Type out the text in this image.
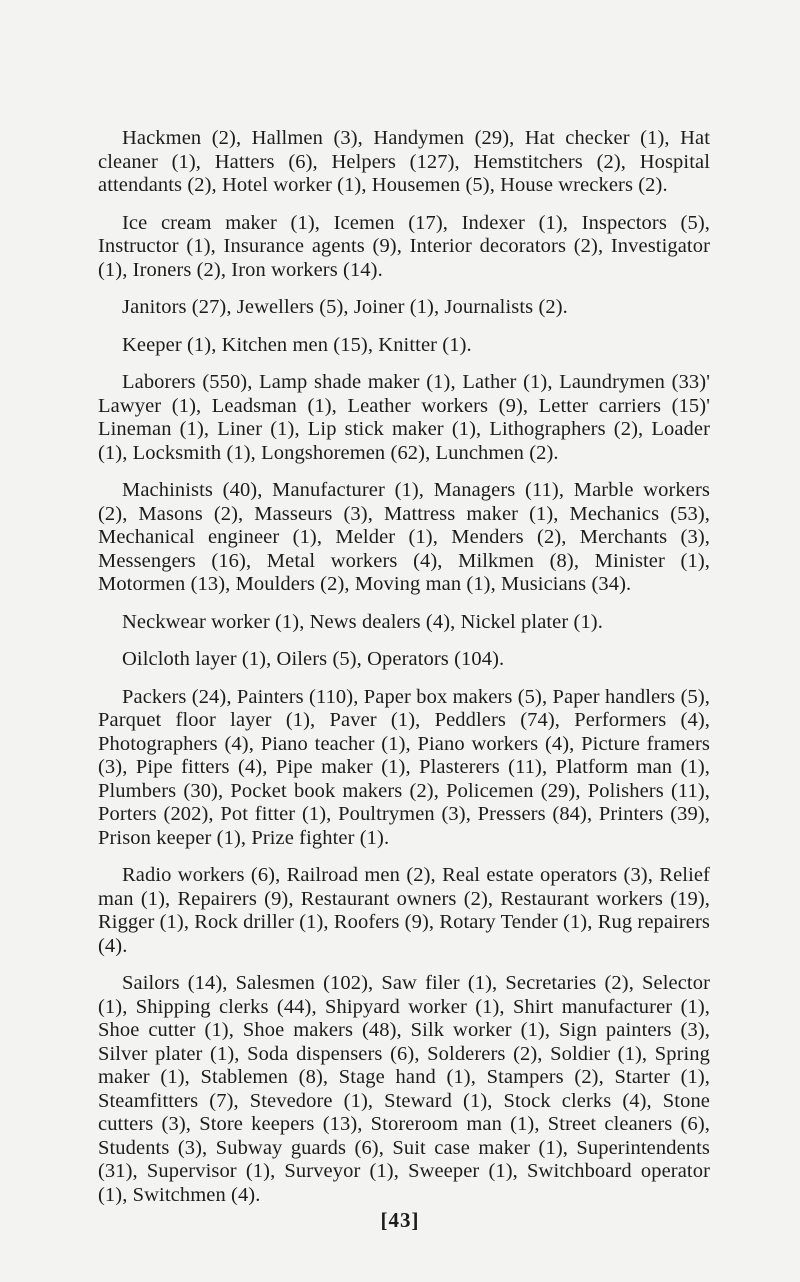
Hackmen (2), Hallmen (3), Handymen (29), Hat checker (1), Hat cleaner (1), Hatters (6), Helpers (127), Hemstitchers (2), Hospital attendants (2), Hotel worker (1), Housemen (5), House wreckers (2).

Ice cream maker (1), Icemen (17), Indexer (1), Inspectors (5), Instructor (1), Insurance agents (9), Interior decorators (2), Investigator (1), Ironers (2), Iron workers (14).

Janitors (27), Jewellers (5), Joiner (1), Journalists (2).

Keeper (1), Kitchen men (15), Knitter (1).

Laborers (550), Lamp shade maker (1), Lather (1), Laundrymen (33)' Lawyer (1), Leadsman (1), Leather workers (9), Letter carriers (15)' Lineman (1), Liner (1), Lip stick maker (1), Lithographers (2), Loader (1), Locksmith (1), Longshoremen (62), Lunchmen (2).

Machinists (40), Manufacturer (1), Managers (11), Marble workers (2), Masons (2), Masseurs (3), Mattress maker (1), Mechanics (53), Mechanical engineer (1), Melder (1), Menders (2), Merchants (3), Messengers (16), Metal workers (4), Milkmen (8), Minister (1), Motormen (13), Moulders (2), Moving man (1), Musicians (34).

Neckwear worker (1), News dealers (4), Nickel plater (1).

Oilcloth layer (1), Oilers (5), Operators (104).

Packers (24), Painters (110), Paper box makers (5), Paper handlers (5), Parquet floor layer (1), Paver (1), Peddlers (74), Performers (4), Photographers (4), Piano teacher (1), Piano workers (4), Picture framers (3), Pipe fitters (4), Pipe maker (1), Plasterers (11), Platform man (1), Plumbers (30), Pocket book makers (2), Policemen (29), Polishers (11), Porters (202), Pot fitter (1), Poultrymen (3), Pressers (84), Printers (39), Prison keeper (1), Prize fighter (1).

Radio workers (6), Railroad men (2), Real estate operators (3), Relief man (1), Repairers (9), Restaurant owners (2), Restaurant workers (19), Rigger (1), Rock driller (1), Roofers (9), Rotary Tender (1), Rug repairers (4).

Sailors (14), Salesmen (102), Saw filer (1), Secretaries (2), Selector (1), Shipping clerks (44), Shipyard worker (1), Shirt manufacturer (1), Shoe cutter (1), Shoe makers (48), Silk worker (1), Sign painters (3), Silver plater (1), Soda dispensers (6), Solderers (2), Soldier (1), Spring maker (1), Stablemen (8), Stage hand (1), Stampers (2), Starter (1), Steamfitters (7), Stevedore (1), Steward (1), Stock clerks (4), Stone cutters (3), Store keepers (13), Storeroom man (1), Street cleaners (6), Students (3), Subway guards (6), Suit case maker (1), Superintendents (31), Supervisor (1), Surveyor (1), Sweeper (1), Switchboard operator (1), Switchmen (4).

[43]
